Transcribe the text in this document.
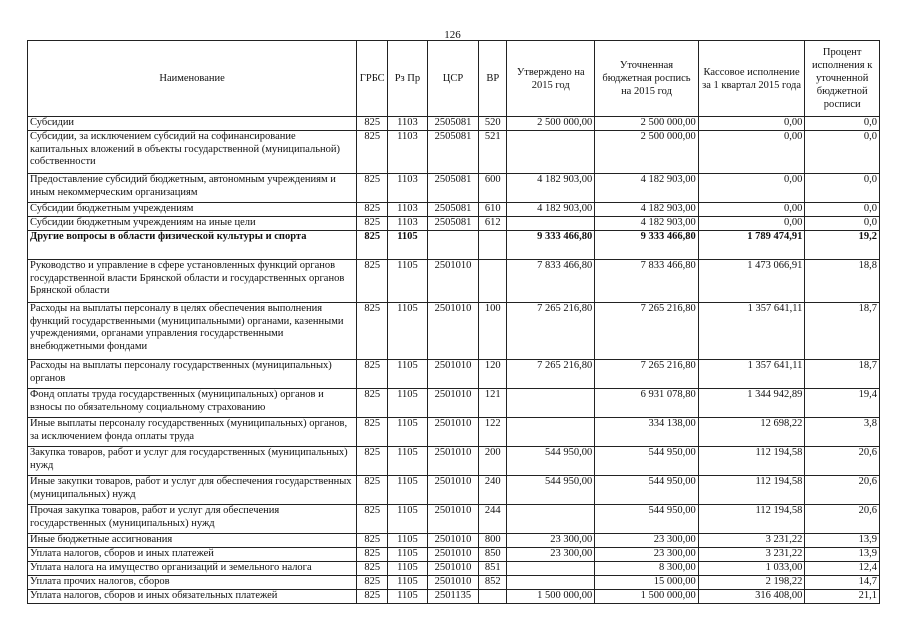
126
Наименование	ГРБС	Рз Пр	ЦСР	ВР	Утверждено на 2015 год	Уточненная бюджетная роспись на 2015 год	Кассовое исполнение за 1 квартал 2015 года	Процент исполнения к уточненной бюджетной росписи
Субсидии	825	1103	2505081	520	2 500 000,00	2 500 000,00	0,00	0,0
Субсидии, за исключением субсидий на софинансирование капитальных вложений в объекты государственной (муниципальной) собственности	825	1103	2505081	521		2 500 000,00	0,00	0,0
Предоставление субсидий бюджетным, автономным учреждениям и иным некоммерческим организациям	825	1103	2505081	600	4 182 903,00	4 182 903,00	0,00	0,0
Субсидии бюджетным учреждениям	825	1103	2505081	610	4 182 903,00	4 182 903,00	0,00	0,0
Субсидии бюджетным учреждениям на иные цели	825	1103	2505081	612		4 182 903,00	0,00	0,0
Другие вопросы в области физической культуры и спорта	825	1105			9 333 466,80	9 333 466,80	1 789 474,91	19,2
Руководство и управление в сфере установленных функций органов государственной власти Брянской области и государственных органов Брянской области	825	1105	2501010		7 833 466,80	7 833 466,80	1 473 066,91	18,8
Расходы на выплаты персоналу в целях обеспечения выполнения функций государственными (муниципальными) органами, казенными учреждениями, органами управления государственными внебюджетными фондами	825	1105	2501010	100	7 265 216,80	7 265 216,80	1 357 641,11	18,7
Расходы на выплаты персоналу государственных (муниципальных) органов	825	1105	2501010	120	7 265 216,80	7 265 216,80	1 357 641,11	18,7
Фонд оплаты труда государственных (муниципальных) органов и взносы по обязательному социальному страхованию	825	1105	2501010	121		6 931 078,80	1 344 942,89	19,4
Иные выплаты персоналу государственных (муниципальных) органов, за исключением фонда оплаты труда	825	1105	2501010	122		334 138,00	12 698,22	3,8
Закупка товаров, работ и услуг для государственных (муниципальных) нужд	825	1105	2501010	200	544 950,00	544 950,00	112 194,58	20,6
Иные закупки товаров, работ и услуг для обеспечения государственных (муниципальных) нужд	825	1105	2501010	240	544 950,00	544 950,00	112 194,58	20,6
Прочая закупка товаров, работ и услуг для обеспечения государственных (муниципальных) нужд	825	1105	2501010	244		544 950,00	112 194,58	20,6
Иные бюджетные ассигнования	825	1105	2501010	800	23 300,00	23 300,00	3 231,22	13,9
Уплата налогов, сборов и иных платежей	825	1105	2501010	850	23 300,00	23 300,00	3 231,22	13,9
Уплата налога на имущество организаций и земельного налога	825	1105	2501010	851		8 300,00	1 033,00	12,4
Уплата прочих налогов, сборов	825	1105	2501010	852		15 000,00	2 198,22	14,7
Уплата налогов, сборов и иных обязательных платежей	825	1105	2501135		1 500 000,00	1 500 000,00	316 408,00	21,1
